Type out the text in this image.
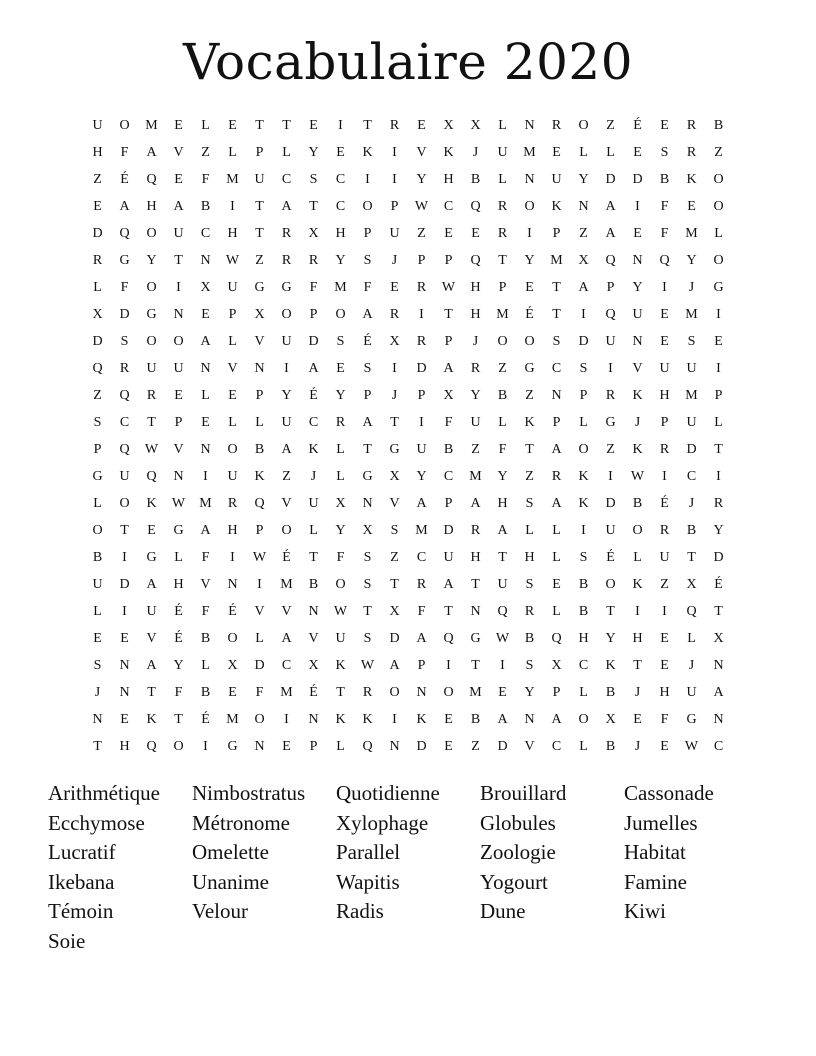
Vocabulaire 2020
U	O	M	E	L	E	T	T	E	I	T	R	E	X	X	L	N	R	O	Z	É	E	R	B
H	F	A	V	Z	L	P	L	Y	E	K	I	V	K	J	U	M	E	L	L	E	S	R	Z
Z	É	Q	E	F	M	U	C	S	C	I	I	Y	H	B	L	N	U	Y	D	D	B	K	O
E	A	H	A	B	I	T	A	T	C	O	P	W	C	Q	R	O	K	N	A	I	F	E	O
D	Q	O	U	C	H	T	R	X	H	P	U	Z	E	E	R	I	P	Z	A	E	F	M	L
R	G	Y	T	N	W	Z	R	R	Y	S	J	P	P	Q	T	Y	M	X	Q	N	Q	Y	O
L	F	O	I	X	U	G	G	F	M	F	E	R	W	H	P	E	T	A	P	Y	I	J	G
X	D	G	N	E	P	X	O	P	O	A	R	I	T	H	M	É	T	I	Q	U	E	M	I
D	S	O	O	A	L	V	U	D	S	É	X	R	P	J	O	O	S	D	U	N	E	S	E
Q	R	U	U	N	V	N	I	A	E	S	I	D	A	R	Z	G	C	S	I	V	U	U	I
Z	Q	R	E	L	E	P	Y	É	Y	P	J	P	X	Y	B	Z	N	P	R	K	H	M	P
S	C	T	P	E	L	L	U	C	R	A	T	I	F	U	L	K	P	L	G	J	P	U	L
P	Q	W	V	N	O	B	A	K	L	T	G	U	B	Z	F	T	A	O	Z	K	R	D	T
G	U	Q	N	I	U	K	Z	J	L	G	X	Y	C	M	Y	Z	R	K	I	W	I	C	I
L	O	K	W	M	R	Q	V	U	X	N	V	A	P	A	H	S	A	K	D	B	É	J	R
O	T	E	G	A	H	P	O	L	Y	X	S	M	D	R	A	L	L	I	U	O	R	B	Y
B	I	G	L	F	I	W	É	T	F	S	Z	C	U	H	T	H	L	S	É	L	U	T	D
U	D	A	H	V	N	I	M	B	O	S	T	R	A	T	U	S	E	B	O	K	Z	X	É
L	I	U	É	F	É	V	V	N	W	T	X	F	T	N	Q	R	L	B	T	I	I	Q	T
E	E	V	É	B	O	L	A	V	U	S	D	A	Q	G	W	B	Q	H	Y	H	E	L	X
S	N	A	Y	L	X	D	C	X	K	W	A	P	I	T	I	S	X	C	K	T	E	J	N
J	N	T	F	B	E	F	M	É	T	R	O	N	O	M	E	Y	P	L	B	J	H	U	A
N	E	K	T	É	M	O	I	N	K	K	I	K	E	B	A	N	A	O	X	E	F	G	N
T	H	Q	O	I	G	N	E	P	L	Q	N	D	E	Z	D	V	C	L	B	J	E	W	C
Arithmétique	Nimbostratus	Quotidienne	Brouillard	Cassonade
Ecchymose	Métronome	Xylophage	Globules	Jumelles
Lucratif	Omelette	Parallel	Zoologie	Habitat
Ikebana	Unanime	Wapitis	Yogourt	Famine
Témoin	Velour	Radis	Dune	Kiwi
Soie
